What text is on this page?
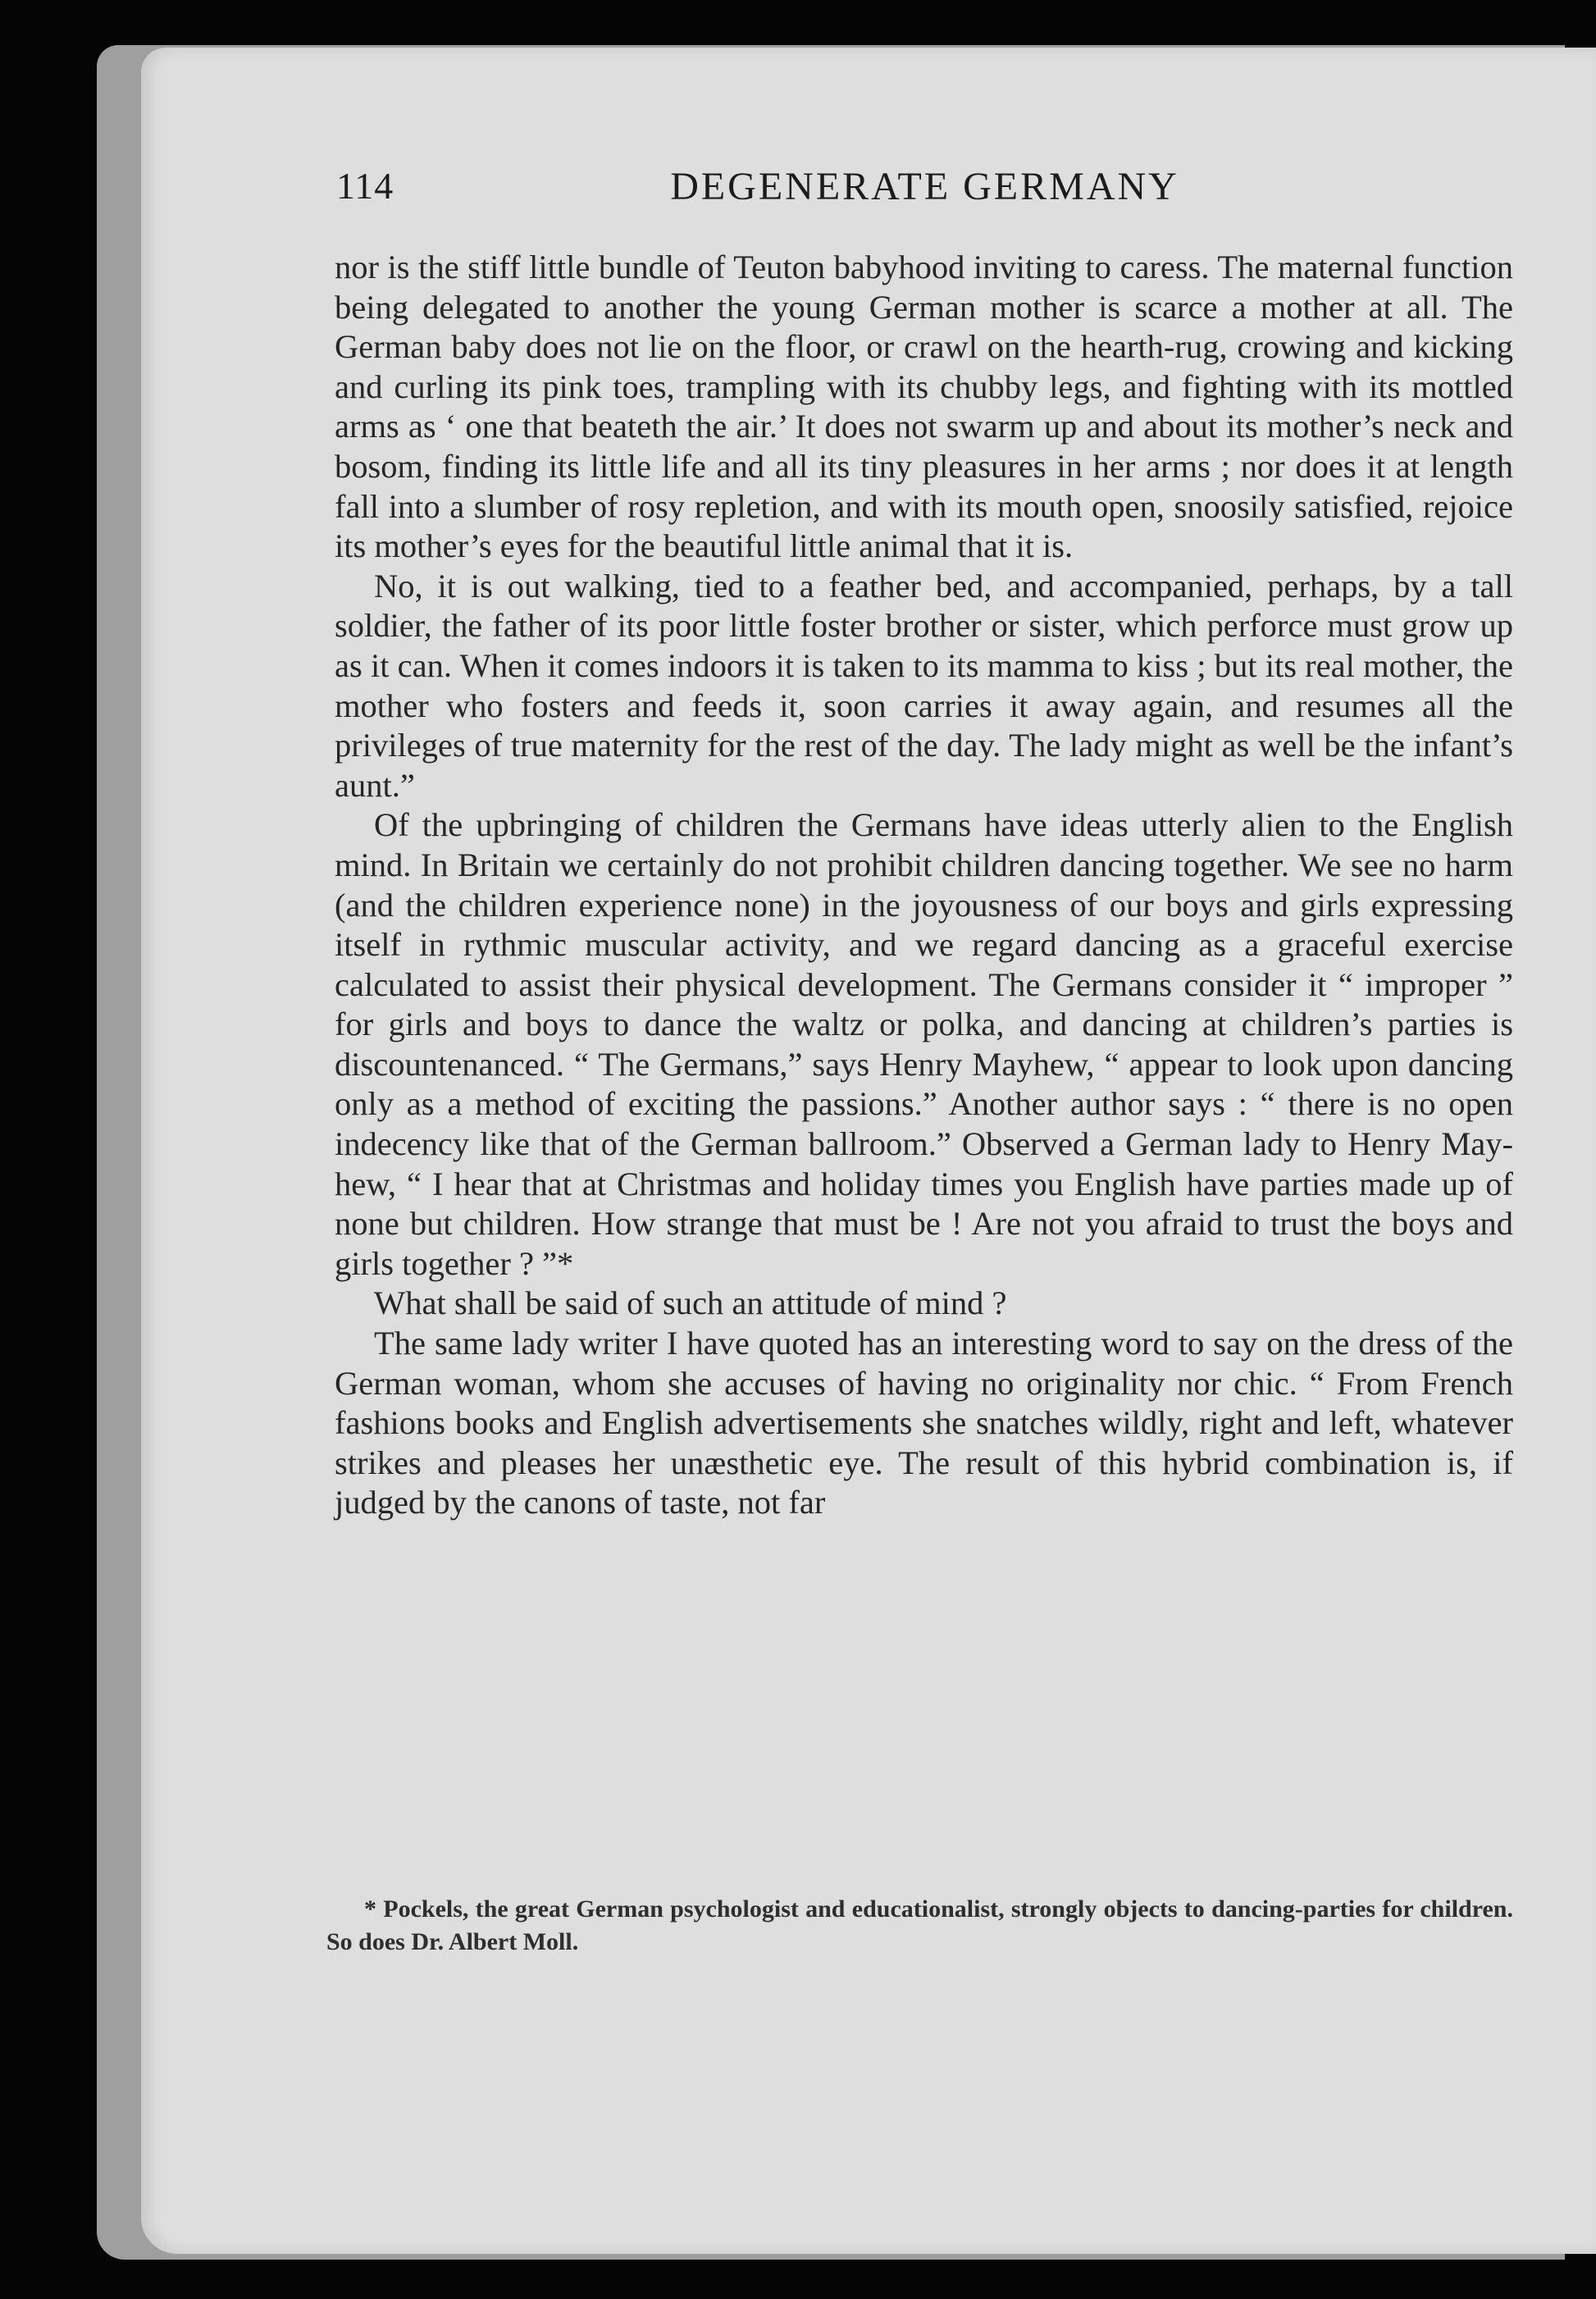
114	DEGENERATE GERMANY

nor is the stiff little bundle of Teuton babyhood inviting to caress. The maternal function being delegated to another the young German mother is scarce a mother at all. The German baby does not lie on the floor, or crawl on the hearth-rug, crowing and kicking and curling its pink toes, trampling with its chubby legs, and fighting with its mottled arms as ‘ one that beateth the air.’ It does not swarm up and about its mother’s neck and bosom, finding its little life and all its tiny pleasures in her arms ; nor does it at length fall into a slumber of rosy repletion, and with its mouth open, snoosily satisfied, rejoice its mother’s eyes for the beautiful little animal that it is.

No, it is out walking, tied to a feather bed, and accompanied, perhaps, by a tall soldier, the father of its poor little foster brother or sister, which perforce must grow up as it can. When it comes indoors it is taken to its mamma to kiss ; but its real mother, the mother who fosters and feeds it, soon carries it away again, and resumes all the privileges of true maternity for the rest of the day. The lady might as well be the infant’s aunt.”

Of the upbringing of children the Germans have ideas utterly alien to the English mind. In Britain we certainly do not prohibit children dancing together. We see no harm (and the children experience none) in the joyousness of our boys and girls expressing itself in rythmic muscular activity, and we regard dancing as a graceful exercise calculated to assist their physical development. The Germans consider it “ improper ” for girls and boys to dance the waltz or polka, and dancing at children’s parties is discountenanced. “ The Germans,” says Henry Mayhew, “ appear to look upon dancing only as a method of exciting the passions.” Another author says : “ there is no open indecency like that of the German ballroom.” Observed a German lady to Henry Mayhew, “ I hear that at Christmas and holiday times you English have parties made up of none but children. How strange that must be ! Are not you afraid to trust the boys and girls together ? ”*

What shall be said of such an attitude of mind ?

The same lady writer I have quoted has an interesting word to say on the dress of the German woman, whom she accuses of having no originality nor chic. “ From French fashions books and English advertisements she snatches wildly, right and left, whatever strikes and pleases her unæsthetic eye. The result of this hybrid combination is, if judged by the canons of taste, not far

* Pockels, the great German psychologist and educationalist, strongly objects to dancing-parties for children. So does Dr. Albert Moll.
